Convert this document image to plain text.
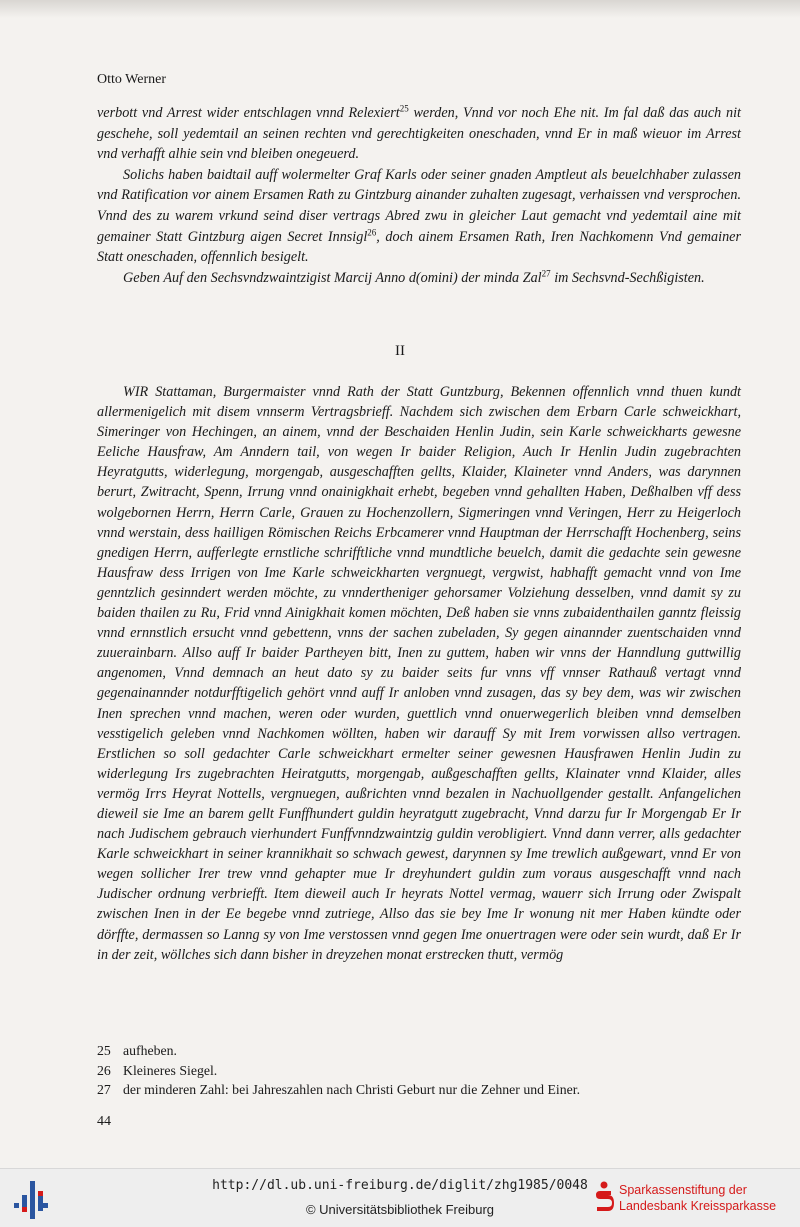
Otto Werner

verbott vnd Arrest wider entschlagen vnnd Relexiert$^{25}$ werden, Vnnd vor noch Ehe nit. Im fal daß das auch nit geschehe, soll yedemtail an seinen rechten vnd gerechtigkeiten oneschaden, vnnd Er in maß wieuor im Arrest vnd verhafft alhie sein vnd bleiben onegeuerd.

Solichs haben baidtail auff wolermelter Graf Karls oder seiner gnaden Amptleut als beuelchhaber zulassen vnd Ratification vor ainem Ersamen Rath zu Gintzburg ainander zuhalten zugesagt, verhaissen vnd versprochen. Vnnd des zu warem vrkund seind diser vertrags Abred zwu in gleicher Laut gemacht vnd yedemtail aine mit gemainer Statt Gintzburg aigen Secret Innsigl$^{26}$, doch ainem Ersamen Rath, Iren Nachkomenn Vnd gemainer Statt oneschaden, offennlich besigelt.

Geben Auf den Sechsvndzwaintzigist Marcij Anno d(omini) der minda Zal$^{27}$ im Sechsvnd-Sechßigisten.

II

WIR Stattaman, Burgermaister vnnd Rath der Statt Guntzburg, Bekennen offennlich vnnd thuen kundt allermenigelich mit disem vnnserm Vertragsbrieff. Nachdem sich zwischen dem Erbarn Carle schweickhart, Simeringer von Hechingen, an ainem, vnnd der Beschaiden Henlin Judin, sein Karle schweickharts gewesne Eeliche Hausfraw, Am Anndern tail, von wegen Ir baider Religion, Auch Ir Henlin Judin zugebrachten Heyratgutts, widerlegung, morgengab, ausgeschafften gellts, Klaider, Klaineter vnnd Anders, was darynnen berurt, Zwitracht, Spenn, Irrung vnnd onainigkhait erhebt, begeben vnnd gehallten Haben, Deßhalben vff dess wolgebornen Herrn, Herrn Carle, Grauen zu Hochenzollern, Sigmeringen vnnd Veringen, Herr zu Heigerloch vnnd werstain, dess hailligen Römischen Reichs Erbcamerer vnnd Hauptman der Herrschafft Hochenberg, seins gnedigen Herrn, aufferlegte ernstliche schrifftliche vnnd mundtliche beuelch, damit die gedachte sein gewesne Hausfraw dess Irrigen von Ime Karle schweickharten vergnuegt, vergwist, habhafft gemacht vnnd von Ime genntzlich gesinndert werden möchte, zu vnndertheniger gehorsamer Volziehung desselben, vnnd damit sy zu baiden thailen zu Ru, Frid vnnd Ainigkhait komen möchten, Deß haben sie vnns zubaidenthailen ganntz fleissig vnnd ernnstlich ersucht vnnd gebettenn, vnns der sachen zubeladen, Sy gegen ainannder zuentschaiden vnnd zuuerainbarn. Allso auff Ir baider Partheyen bitt, Inen zu guttem, haben wir vnns der Hanndlung guttwillig angenomen, Vnnd demnach an heut dato sy zu baider seits fur vnns vff vnnser Rathauß vertagt vnnd gegenainannder notdurfftigelich gehört vnnd auff Ir anloben vnnd zusagen, das sy bey dem, was wir zwischen Inen sprechen vnnd machen, weren oder wurden, guettlich vnnd onuerwegerlich bleiben vnnd demselben vesstigelich geleben vnnd Nachkomen wöllten, haben wir darauff Sy mit Irem vorwissen allso vertragen. Erstlichen so soll gedachter Carle schweickhart ermelter seiner gewesnen Hausfrawen Henlin Judin zu widerlegung Irs zugebrachten Heiratgutts, morgengab, außgeschafften gellts, Klainater vnnd Klaider, alles vermög Irrs Heyrat Nottells, vergnuegen, außrichten vnnd bezalen in Nachuollgender gestallt. Anfangelichen dieweil sie Ime an barem gellt Funffhundert guldin heyratgutt zugebracht, Vnnd darzu fur Ir Morgengab Er Ir nach Judischem gebrauch vierhundert Funffvnndzwaintzig guldin verobligiert. Vnnd dann verrer, alls gedachter Karle schweickhart in seiner krannikhait so schwach gewest, darynnen sy Ime trewlich außgewart, vnnd Er von wegen sollicher Irer trew vnnd gehapter mue Ir dreyhundert guldin zum voraus ausgeschafft vnnd nach Judischer ordnung verbriefft. Item dieweil auch Ir heyrats Nottel vermag, wauerr sich Irrung oder Zwispalt zwischen Inen in der Ee begebe vnnd zutriege, Allso das sie bey Ime Ir wonung nit mer Haben kündte oder dörffte, dermassen so Lanng sy von Ime verstossen vnnd gegen Ime onuertragen were oder sein wurdt, daß Er Ir in der zeit, wöllches sich dann bisher in dreyzehen monat erstrecken thutt, vermög

25 aufheben.
26 Kleineres Siegel.
27 der minderen Zahl: bei Jahreszahlen nach Christi Geburt nur die Zehner und Einer.
44
http://dl.ub.uni-freiburg.de/diglit/zhg1985/0048
© Universitätsbibliothek Freiburg
Sparkassenstiftung der
Landesbank Kreissparkasse
